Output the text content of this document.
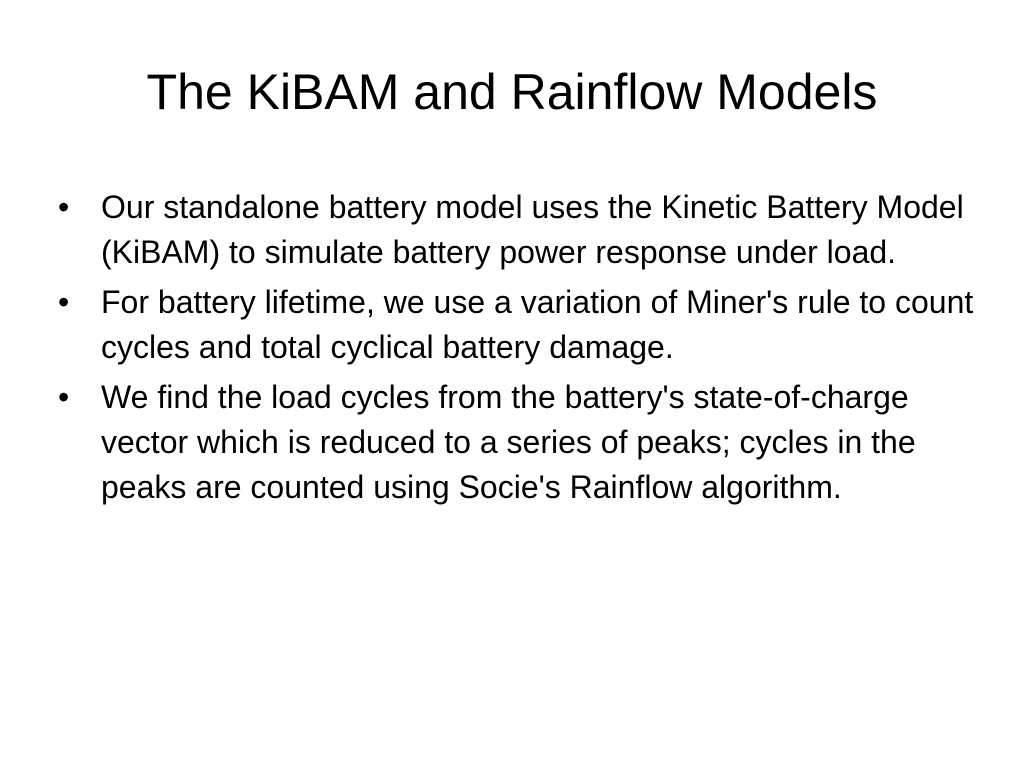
The KiBAM and Rainflow Models
• Our standalone battery model uses the Kinetic Battery Model (KiBAM) to simulate battery power response under load.
• For battery lifetime, we use a variation of Miner's rule to count cycles and total cyclical battery damage.
• We find the load cycles from the battery's state-of-charge vector which is reduced to a series of peaks; cycles in the peaks are counted using Socie's Rainflow algorithm.
